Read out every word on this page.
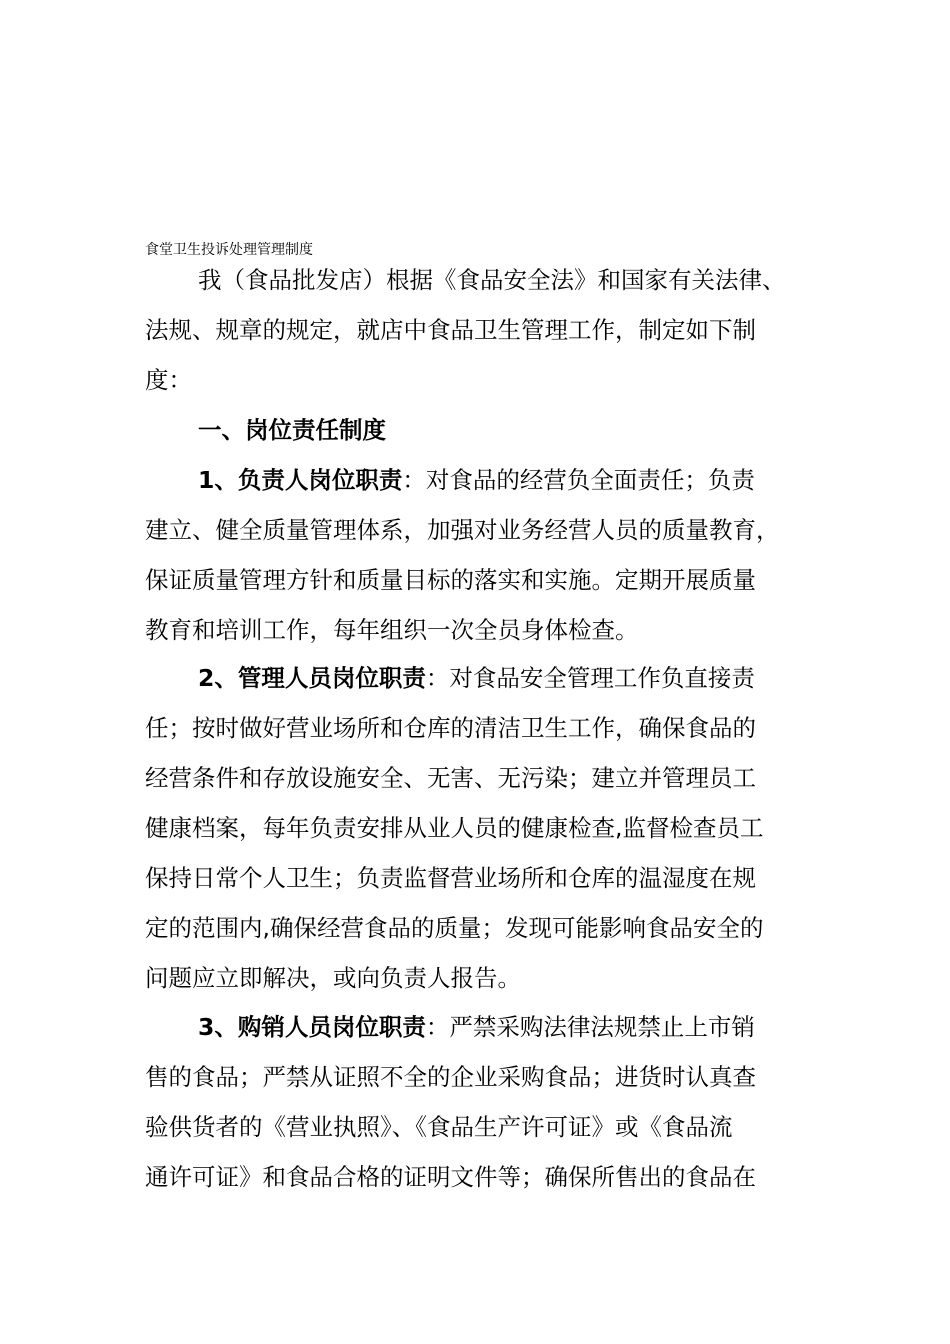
食堂卫生投诉处理管理制度
我（食品批发店）根据《食品安全法》和国家有关法律、
法规、规章的规定，就店中食品卫生管理工作，制定如下制
度：
一、岗位责任制度
1、负责人岗位职责：对食品的经营负全面责任；负责
建立、健全质量管理体系，加强对业务经营人员的质量教育，
保证质量管理方针和质量目标的落实和实施。定期开展质量
教育和培训工作，每年组织一次全员身体检查。
2、管理人员岗位职责：对食品安全管理工作负直接责
任；按时做好营业场所和仓库的清洁卫生工作，确保食品的
经营条件和存放设施安全、无害、无污染；建立并管理员工
健康档案，每年负责安排从业人员的健康检查,监督检查员工
保持日常个人卫生；负责监督营业场所和仓库的温湿度在规
定的范围内,确保经营食品的质量；发现可能影响食品安全的
问题应立即解决，或向负责人报告。
3、购销人员岗位职责：严禁采购法律法规禁止上市销
售的食品；严禁从证照不全的企业采购食品；进货时认真查
验供货者的《营业执照》、《食品生产许可证》或《食品流
通许可证》和食品合格的证明文件等；确保所售出的食品在
